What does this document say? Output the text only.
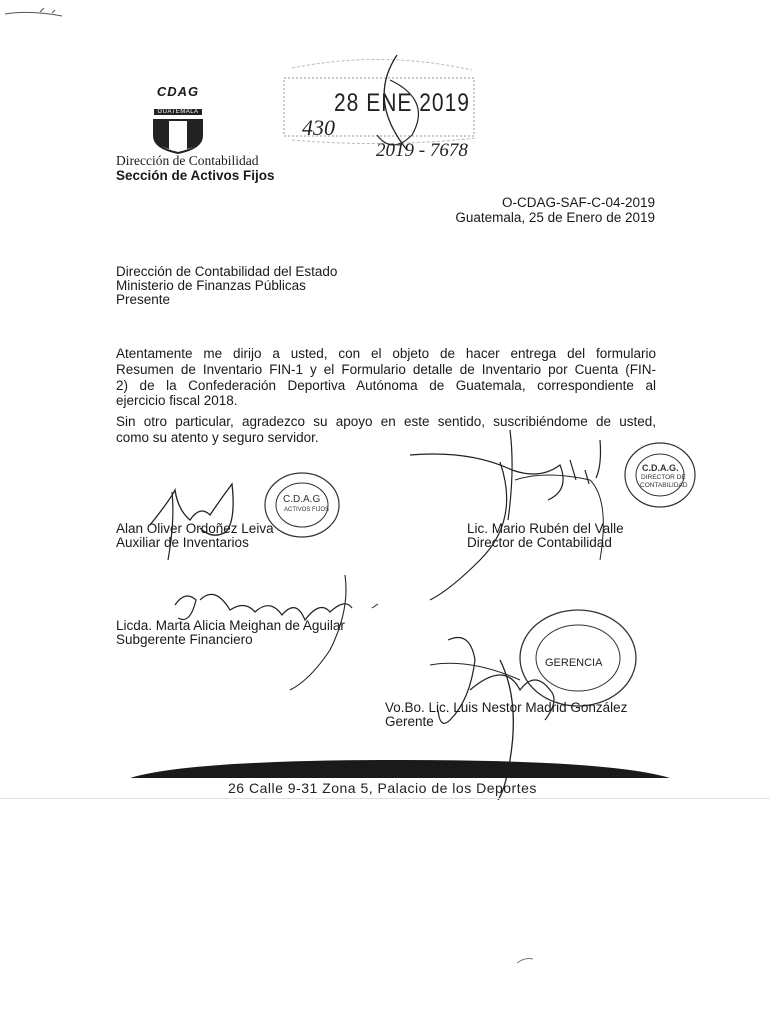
CDAG
GUATEMALA	28 ENE 2019
430
2019 - 7678
Dirección de Contabilidad
Sección de Activos Fijos
O-CDAG-SAF-C-04-2019
Guatemala, 25 de Enero de 2019
Dirección de Contabilidad del Estado
Ministerio de Finanzas Públicas
Presente
Atentamente me dirijo a usted, con el objeto de hacer entrega del formulario
Resumen de Inventario FIN-1 y el Formulario detalle de Inventario por Cuenta (FIN-
2) de la Confederación Deportiva Autónoma de Guatemala, correspondiente al
ejercicio fiscal 2018.
Sin otro particular, agradezco su apoyo en este sentido, suscribiéndome de usted,
como su atento y seguro servidor.
C.D.A.G
ACTIVOS FIJOS
C.D.A.G.
DIRECTOR DE
CONTABILIDAD
GERENCIA
Alan Oliver Ordoñez Leiva
Auxiliar de Inventarios
Lic. Mario Rubén del Valle
Director de Contabilidad
Licda. Marta Alicia Meighan de Aguilar
Subgerente Financiero
Vo.Bo. Lic. Luis Nestor Madrid González
Gerente
26 Calle 9-31 Zona 5, Palacio de los Deportes
